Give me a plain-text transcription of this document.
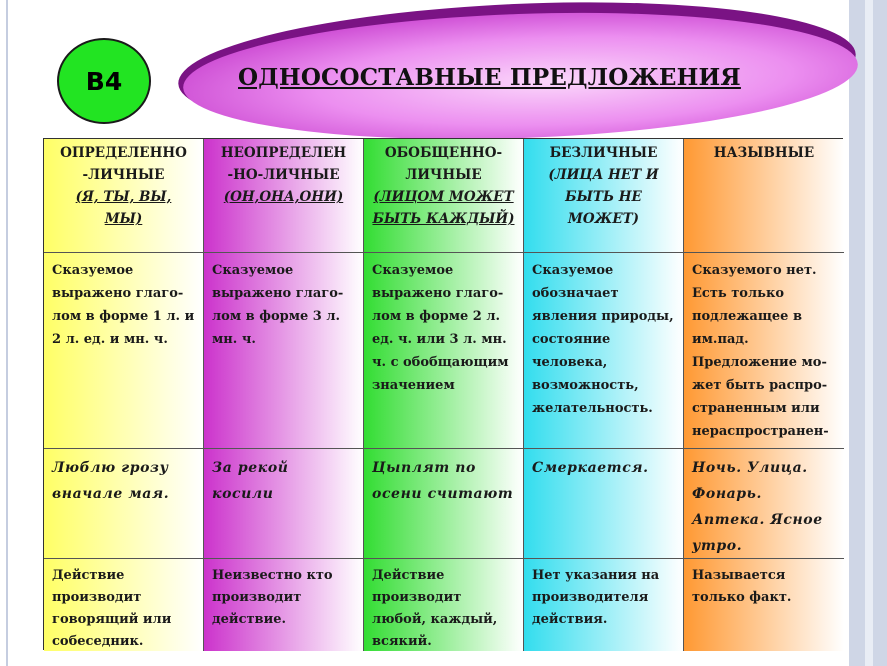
В4	ОДНОСОСТАВНЫЕ ПРЕДЛОЖЕНИЯ
ОПРЕДЕЛЕННО
-ЛИЧНЫЕ
(Я, ТЫ, ВЫ, МЫ)
НЕОПРЕДЕЛЕН
-НО-ЛИЧНЫЕ
(ОН,ОНА,ОНИ)
ОБОБЩЕННО-
ЛИЧНЫЕ
(ЛИЦОМ МОЖЕТ БЫТЬ КАЖДЫЙ)
БЕЗЛИЧНЫЕ
(ЛИЦА НЕТ И БЫТЬ НЕ МОЖЕТ)
НАЗЫВНЫЕ
Сказуемое выражено глаго-лом в форме 1 л. и 2 л. ед. и мн. ч.
Сказуемое выражено глаго-лом в форме 3 л. мн. ч.
Сказуемое выражено глаго-лом в форме 2 л. ед. ч. или 3 л. мн. ч. с обобщающим значением
Сказуемое обозначает явления природы, состояние человека, возможность, желательность.
Сказуемого нет. Есть только подлежащее в им.пад. Предложение мо-жет быть распро-страненным или нераспространен-
Люблю грозу вначале мая.
За рекой косили
Цыплят по осени считают
Смеркается.	Ночь. Улица. Фонарь. Аптека. Ясное утро.
Действие производит говорящий или собеседник.
Неизвестно кто производит действие.
Действие производит любой, каждый, всякий.
Нет указания на производителя действия.
Называется только факт.
